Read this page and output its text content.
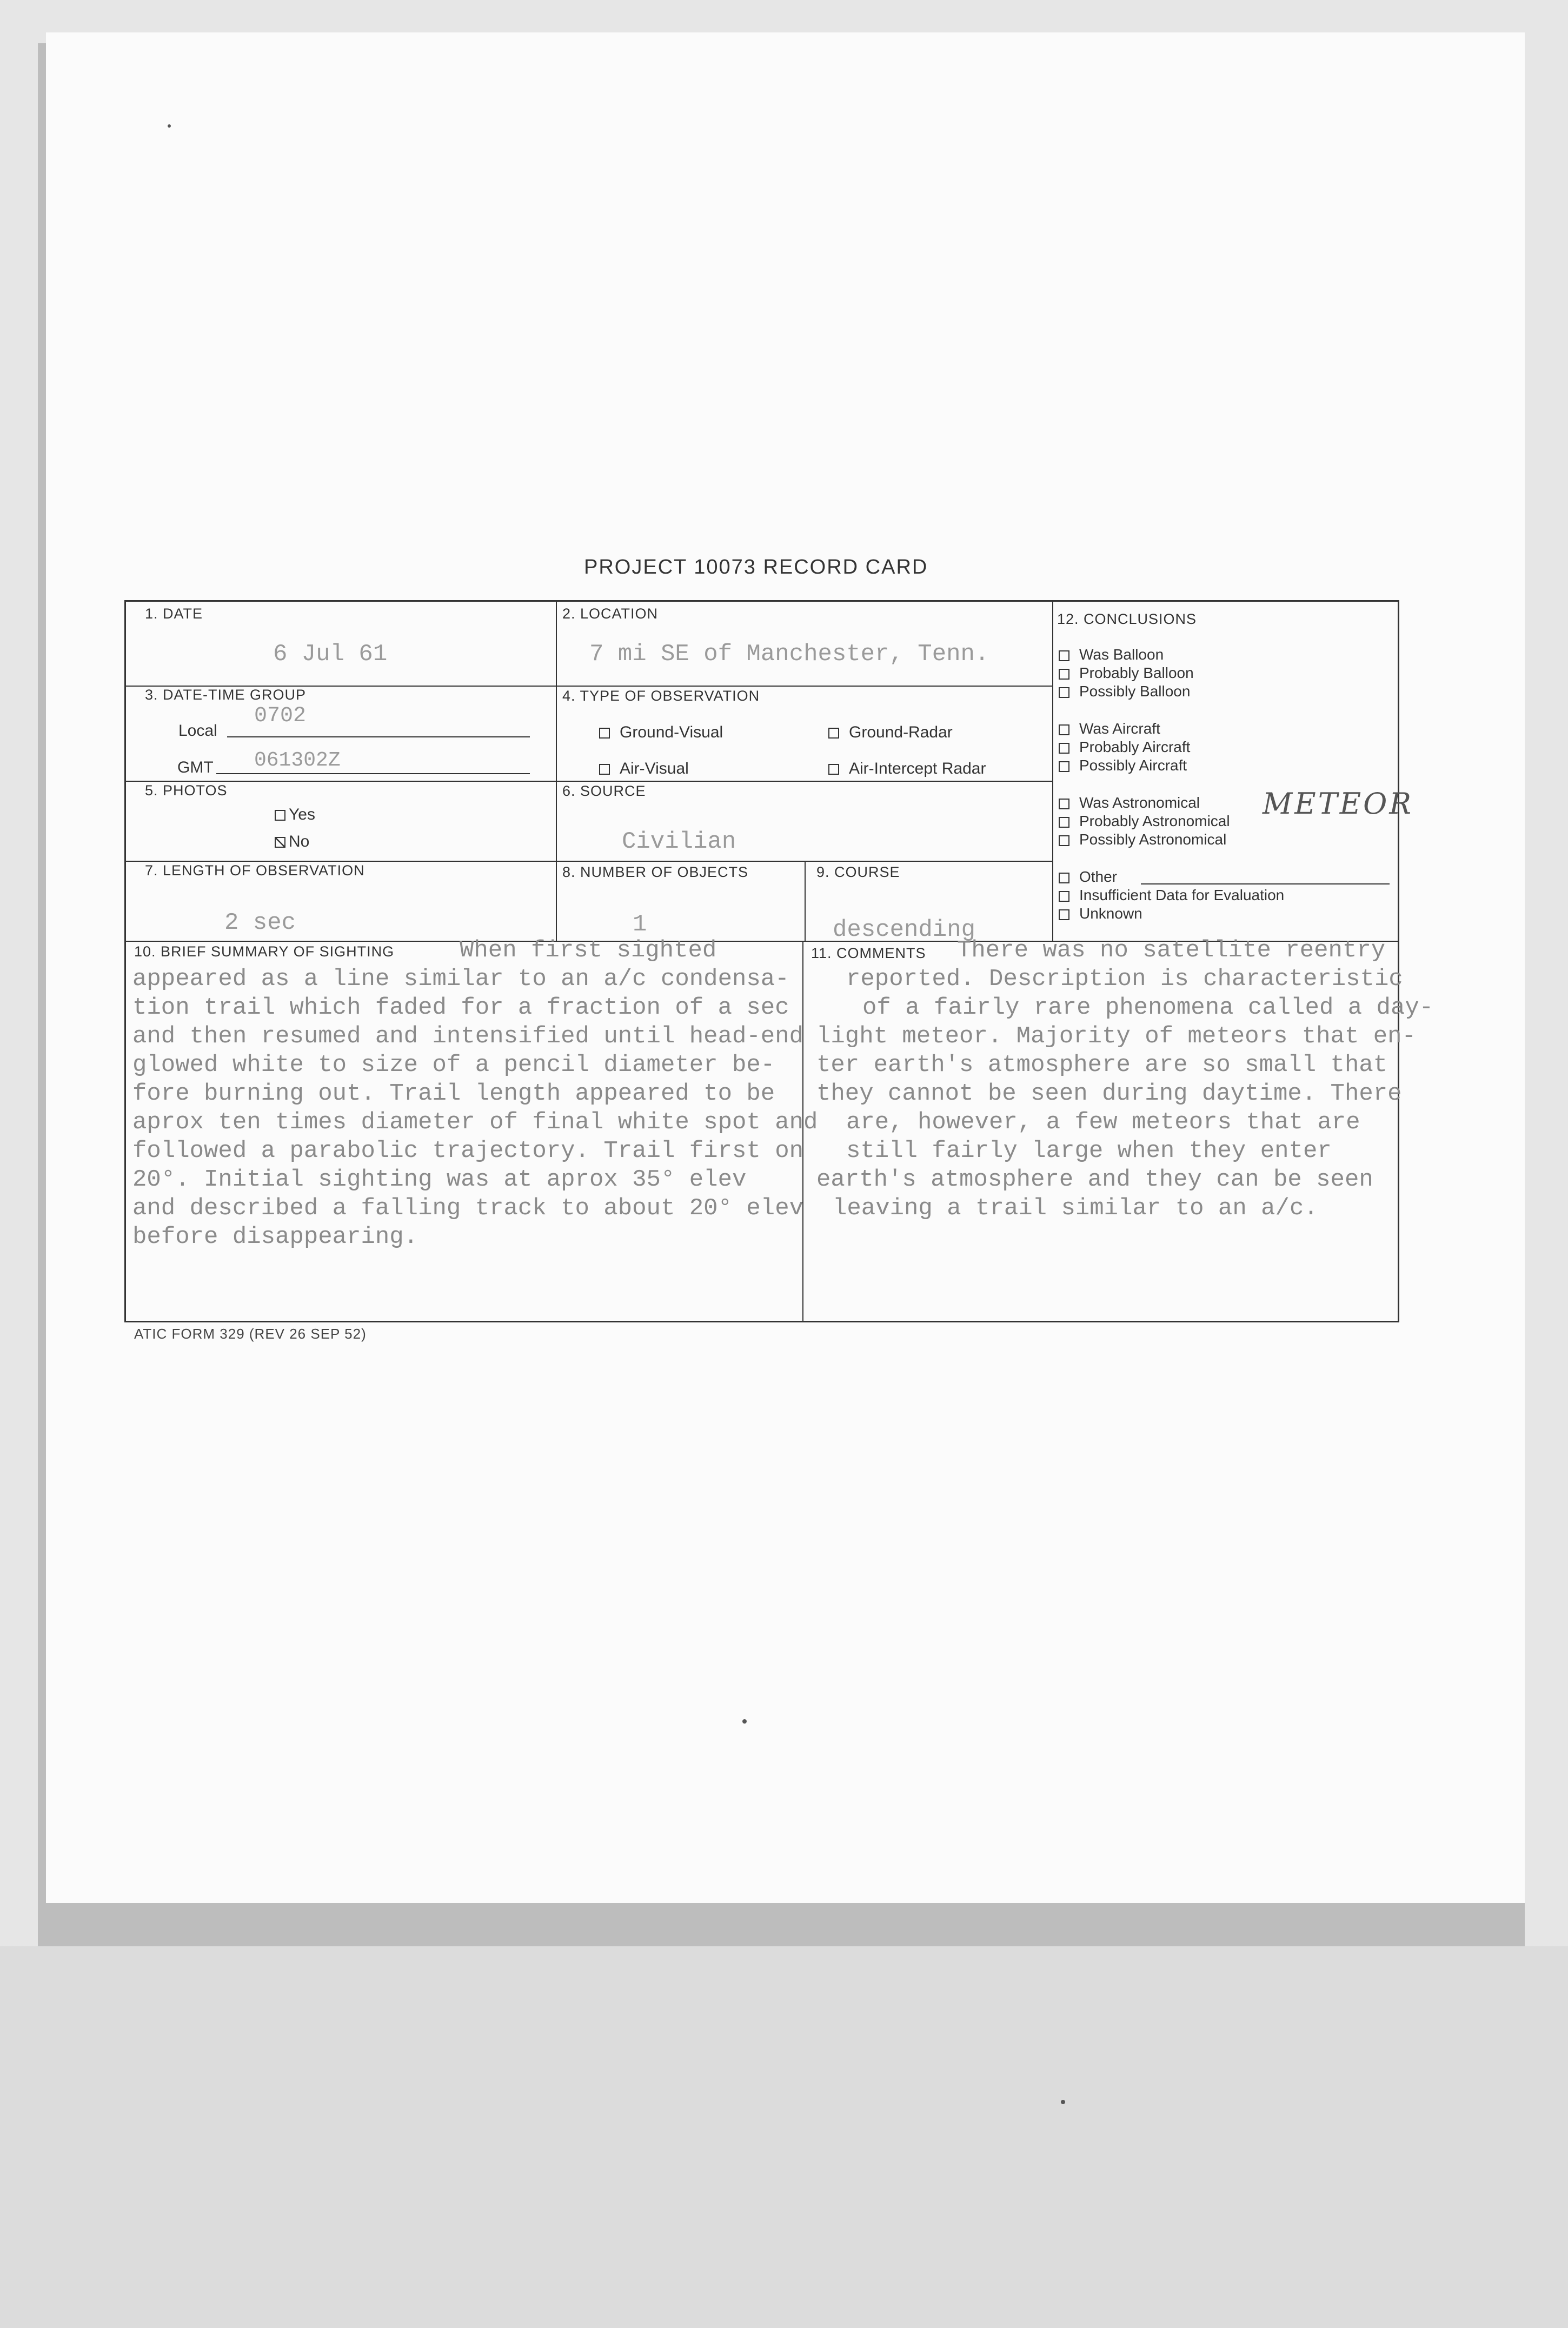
PROJECT 10073 RECORD CARD
1. DATE
6 Jul 61
2. LOCATION
7 mi SE of Manchester, Tenn.
3. DATE-TIME GROUP
Local
0702
GMT 061302Z
4. TYPE OF OBSERVATION
Ground-Visual	Ground-Radar
Air-Visual	Air-Intercept Radar
5. PHOTOS
Yes
No
6. SOURCE
Civilian
7. LENGTH OF OBSERVATION
2 sec
8. NUMBER OF OBJECTS
1
9. COURSE
descending
12. CONCLUSIONS
Was Balloon
Probably Balloon
Possibly Balloon
Was Aircraft
Probably Aircraft
Possibly Aircraft
Was Astronomical
Probably Astronomical
Possibly Astronomical
Other
Insufficient Data for Evaluation
Unknown
METEOR
10. BRIEF SUMMARY OF SIGHTING	When first sighted
appeared as a line similar to an a/c condensa-
tion trail which faded for a fraction of a sec
and then resumed and intensified until head-end
glowed white to size of a pencil diameter be-
fore burning out. Trail length appeared to be
aprox ten times diameter of final white spot and
followed a parabolic trajectory. Trail first on
20°. Initial sighting was at aprox 35° elev
and described a falling track to about 20° elev
before disappearing.
11. COMMENTS There was no satellite reentry
reported. Description is characteristic
of a fairly rare phenomena called a day-
light meteor. Majority of meteors that en-
ter earth's atmosphere are so small that
they cannot be seen during daytime. There
are, however, a few meteors that are
still fairly large when they enter
earth's atmosphere and they can be seen
leaving a trail similar to an a/c.
ATIC FORM 329 (REV 26 SEP 52)
